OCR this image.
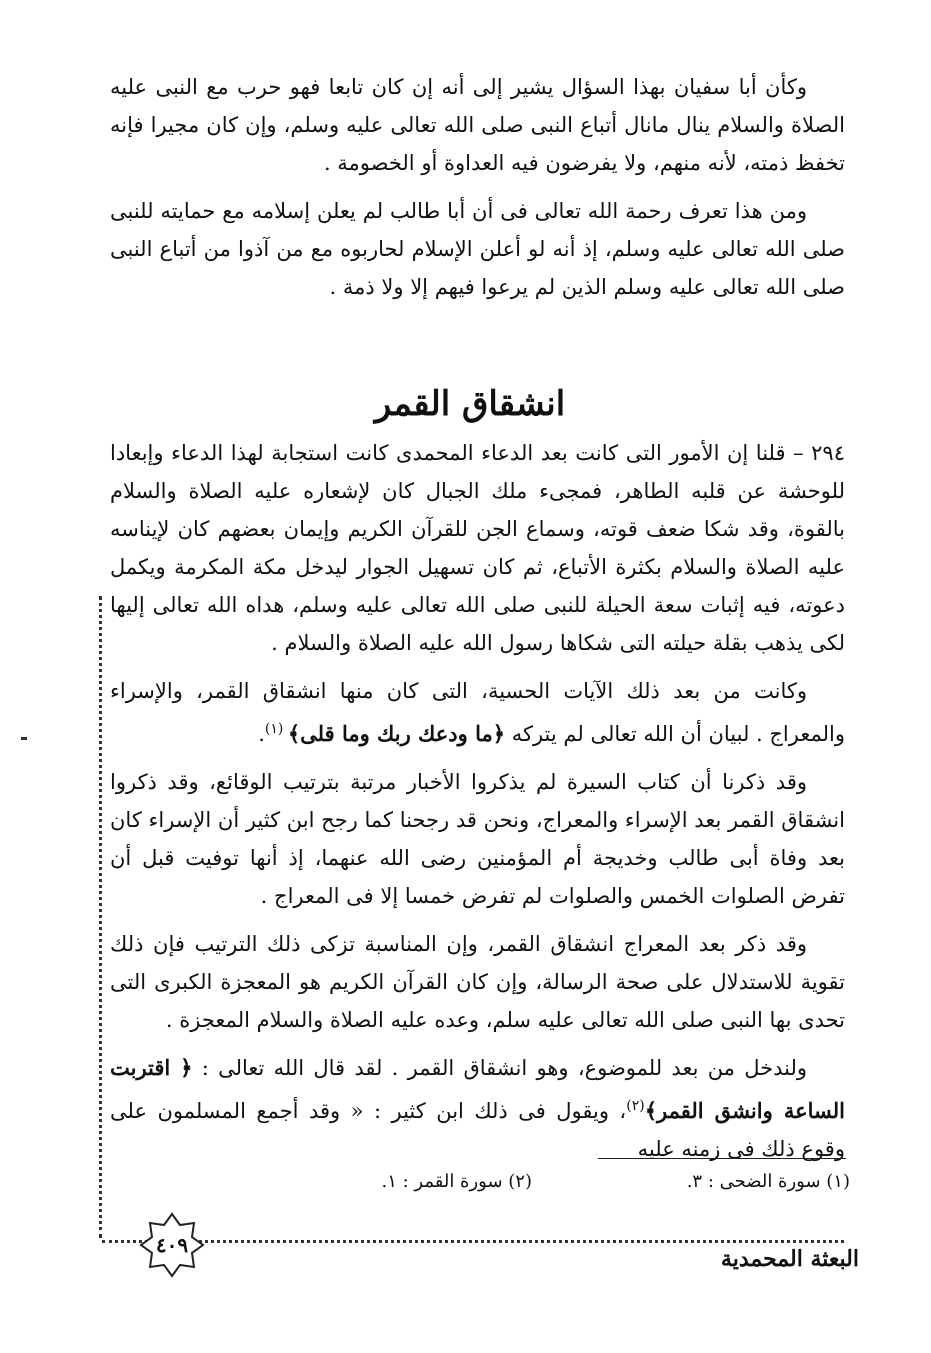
وكأن أبا سفيان بهذا السؤال يشير إلى أنه إن كان تابعا فهو حرب مع النبى عليه الصلاة والسلام ينال مانال أتباع النبى صلى الله تعالى عليه وسلم، وإن كان مجيرا فإنه تخفظ ذمته، لأنه منهم، ولا يفرضون فيه العداوة أو الخصومة .

ومن هذا تعرف رحمة الله تعالى فى أن أبا طالب لم يعلن إسلامه مع حمايته للنبى صلى الله تعالى عليه وسلم، إذ أنه لو أعلن الإسلام لحاربوه مع من آذوا من أتباع النبى صلى الله تعالى عليه وسلم الذين لم يرعوا فيهم إلا ولا ذمة .

انشقاق القمر

٢٩٤ – قلنا إن الأمور التى كانت بعد الدعاء المحمدى كانت استجابة لهذا الدعاء وإبعادا للوحشة عن قلبه الطاهر، فمجىء ملك الجبال كان لإشعاره عليه الصلاة والسلام بالقوة، وقد شكا ضعف قوته، وسماع الجن للقرآن الكريم وإيمان بعضهم كان لإيناسه عليه الصلاة والسلام بكثرة الأتباع، ثم كان تسهيل الجوار ليدخل مكة المكرمة ويكمل دعوته، فيه إثبات سعة الحيلة للنبى صلى الله تعالى عليه وسلم، هداه الله تعالى إليها لكى يذهب بقلة حيلته التى شكاها رسول الله عليه الصلاة والسلام .

وكانت من بعد ذلك الآيات الحسية، التى كان منها انشقاق القمر، والإسراء والمعراج . لبيان أن الله تعالى لم يتركه ﴿ما ودعك ربك وما قلى﴾ $^{(١)}$.

وقد ذكرنا أن كتاب السيرة لم يذكروا الأخبار مرتبة بترتيب الوقائع، وقد ذكروا انشقاق القمر بعد الإسراء والمعراج، ونحن قد رجحنا كما رجح ابن كثير أن الإسراء كان بعد وفاة أبى طالب وخديجة أم المؤمنين رضى الله عنهما، إذ أنها توفيت قبل أن تفرض الصلوات الخمس والصلوات لم تفرض خمسا إلا فى المعراج .

وقد ذكر بعد المعراج انشقاق القمر، وإن المناسبة تزكى ذلك الترتيب فإن ذلك تقوية للاستدلال على صحة الرسالة، وإن كان القرآن الكريم هو المعجزة الكبرى التى تحدى بها النبى صلى الله تعالى عليه سلم، وعده عليه الصلاة والسلام المعجزة .

ولندخل من بعد للموضوع، وهو انشقاق القمر . لقد قال الله تعالى : ﴿ اقتربت الساعة وانشق القمر﴾$^{(٢)}$، ويقول فى ذلك ابن كثير : « وقد أجمع المسلمون على وقوع ذلك فى زمنه عليه

(١) سورة الضحى : ٣.
(٢) سورة القمر : ١.
٤٠٩
البعثة المحمدية
